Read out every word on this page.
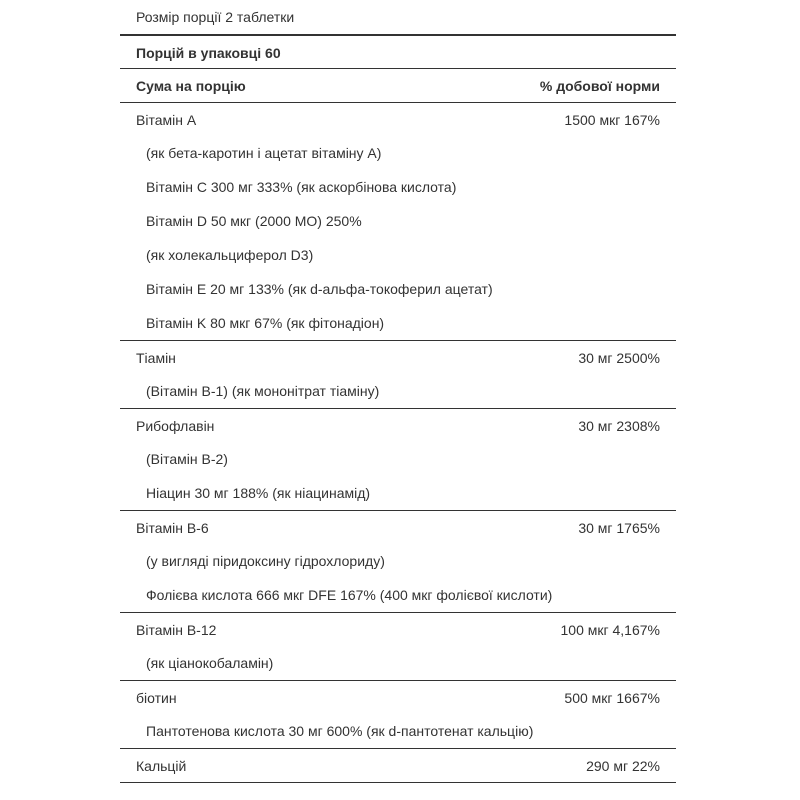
Розмір порції 2 таблетки
Порцій в упаковці 60
Сума на порцію	% добової норми
Вітамін A	1500 мкг 167%
(як бета-каротин і ацетат вітаміну A)
Вітамін C 300 мг 333% (як аскорбінова кислота)
Вітамін D 50 мкг (2000 МО) 250%
(як холекальциферол D3)
Вітамін E 20 мг 133% (як d-альфа-токоферил ацетат)
Вітамін K 80 мкг 67% (як фітонадіон)
Тіамін	30 мг 2500%
(Вітамін B-1) (як мононітрат тіаміну)
Рибофлавін	30 мг 2308%
(Вітамін B-2)
Ніацин 30 мг 188% (як ніацинамід)
Вітамін B-6	30 мг 1765%
(у вигляді піридоксину гідрохлориду)
Фолієва кислота 666 мкг DFE 167% (400 мкг фолієвої кислоти)
Вітамін B-12	100 мкг 4,167%
(як ціанокобаламін)
біотин	500 мкг 1667%
Пантотенова кислота 30 мг 600% (як d-пантотенат кальцію)
Кальцій	290 мг 22%
